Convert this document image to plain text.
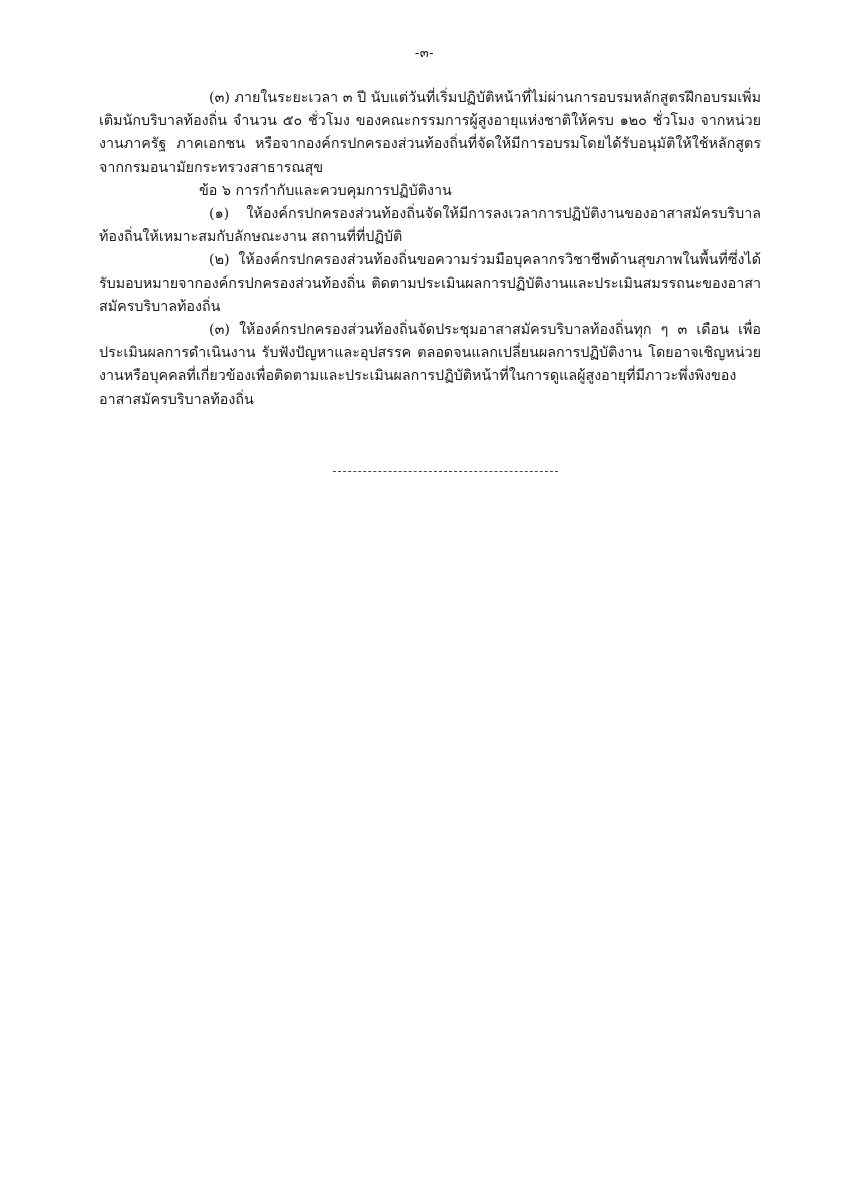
-๓-

(๓) ภายในระยะเวลา ๓ ปี นับแต่วันที่เริ่มปฏิบัติหน้าที่ไม่ผ่านการอบรมหลักสูตรฝึกอบรมเพิ่มเติมนักบริบาลท้องถิ่น จำนวน ๕๐ ชั่วโมง ของคณะกรรมการผู้สูงอายุแห่งชาติให้ครบ ๑๒๐ ชั่วโมง จากหน่วยงานภาครัฐ ภาคเอกชน หรือจากองค์กรปกครองส่วนท้องถิ่นที่จัดให้มีการอบรมโดยได้รับอนุมัติให้ใช้หลักสูตรจากกรมอนามัยกระทรวงสาธารณสุข

ข้อ ๖ การกำกับและควบคุมการปฏิบัติงาน

(๑) ให้องค์กรปกครองส่วนท้องถิ่นจัดให้มีการลงเวลาการปฏิบัติงานของอาสาสมัครบริบาลท้องถิ่นให้เหมาะสมกับลักษณะงาน สถานที่ที่ปฏิบัติ

(๒) ให้องค์กรปกครองส่วนท้องถิ่นขอความร่วมมือบุคลากรวิชาชีพด้านสุขภาพในพื้นที่ซึ่งได้รับมอบหมายจากองค์กรปกครองส่วนท้องถิ่น ติดตามประเมินผลการปฏิบัติงานและประเมินสมรรถนะของอาสาสมัครบริบาลท้องถิ่น

(๓) ให้องค์กรปกครองส่วนท้องถิ่นจัดประชุมอาสาสมัครบริบาลท้องถิ่นทุก ๆ ๓ เดือน เพื่อประเมินผลการดำเนินงาน รับฟังปัญหาและอุปสรรค ตลอดจนแลกเปลี่ยนผลการปฏิบัติงาน โดยอาจเชิญหน่วยงานหรือบุคคลที่เกี่ยวข้องเพื่อติดตามและประเมินผลการปฏิบัติหน้าที่ในการดูแลผู้สูงอายุที่มีภาวะพึ่งพิงของอาสาสมัครบริบาลท้องถิ่น
